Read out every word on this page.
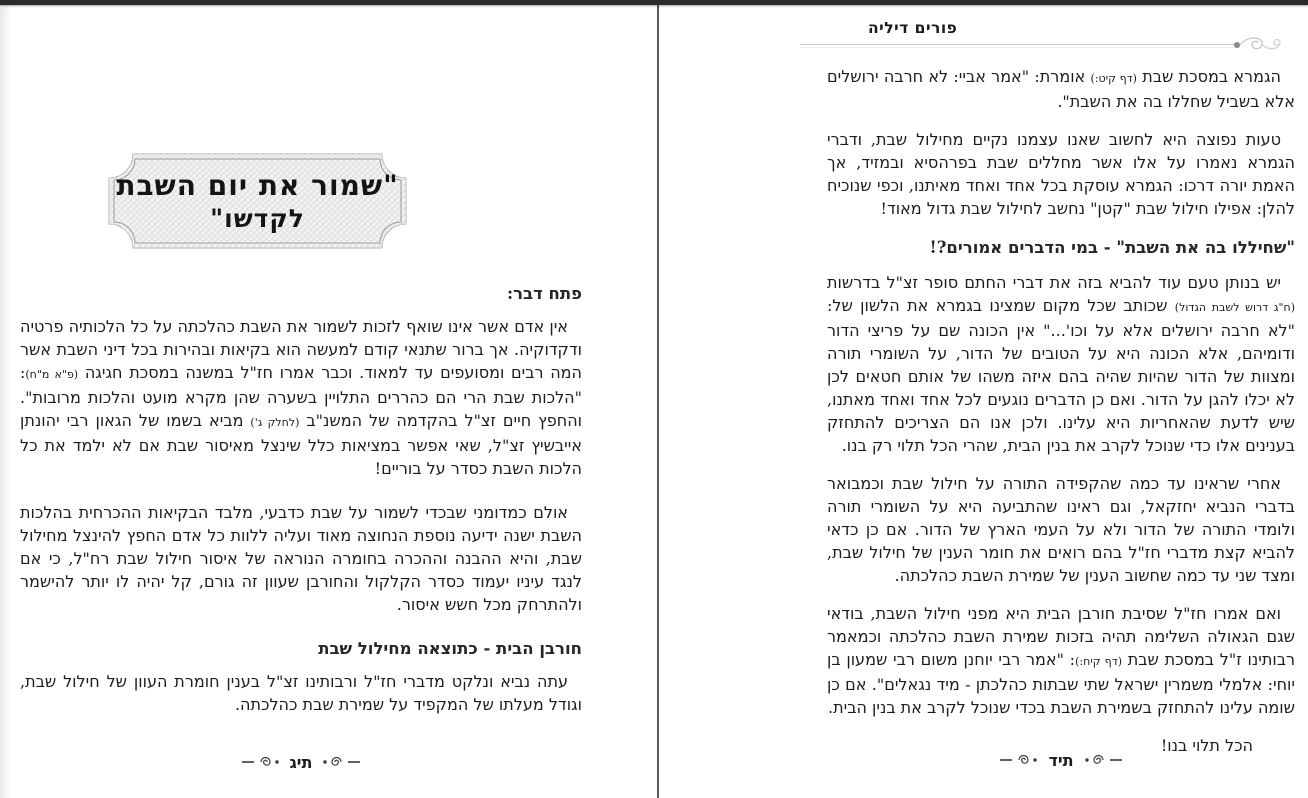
"שמור את יום השבת
לקדשו"
פתח דבר:

אין אדם אשר אינו שואף לזכות לשמור את השבת כהלכתה על כל הלכותיה פרטיה ודקדוקיה. אך ברור שתנאי קודם למעשה הוא בקיאות ובהירות בכל דיני השבת אשר המה רבים ומסועפים עד למאוד. וכבר אמרו חז"ל במשנה במסכת חגיגה (פ"א מ"ח): "הלכות שבת הרי הם כהררים התלויין בשערה שהן מקרא מועט והלכות מרובות". והחפץ חיים זצ"ל בהקדמה של המשנ"ב (לחלק ג') מביא בשמו של הגאון רבי יהונתן אייבשיץ זצ"ל, שאי אפשר במציאות כלל שינצל מאיסור שבת אם לא ילמד את כל הלכות השבת כסדר על בוריים!

אולם כמדומני שבכדי לשמור על שבת כדבעי, מלבד הבקיאות ההכרחית בהלכות השבת ישנה ידיעה נוספת הנחוצה מאוד ועליה ללוות כל אדם החפץ להינצל מחילול שבת, והיא ההבנה וההכרה בחומרה הנוראה של איסור חילול שבת רח"ל, כי אם לנגד עיניו יעמוד כסדר הקלקול והחורבן שעוון זה גורם, קל יהיה לו יותר להישמר ולהתרחק מכל חשש איסור.

חורבן הבית - כתוצאה מחילול שבת

עתה נביא ונלקט מדברי חז"ל ורבותינו זצ"ל בענין חומרת העוון של חילול שבת, וגודל מעלתו של המקפיד על שמירת שבת כהלכתה.

תיג
פורים דיליה

הגמרא במסכת שבת (דף קיט:) אומרת: "אמר אביי: לא חרבה ירושלים אלא בשביל שחללו בה את השבת".

טעות נפוצה היא לחשוב שאנו עצמנו נקיים מחילול שבת, ודברי הגמרא נאמרו על אלו אשר מחללים שבת בפרהסיא ובמזיד, אך האמת יורה דרכו: הגמרא עוסקת בכל אחד ואחד מאיתנו, וכפי שנוכיח להלן: אפילו חילול שבת "קטן" נחשב לחילול שבת גדול מאוד!

"שחיללו בה את השבת" - במי הדברים אמורים?!

יש בנותן טעם עוד להביא בזה את דברי החתם סופר זצ"ל בדרשות (ח"ג דרוש לשבת הגדול) שכותב שכל מקום שמצינו בגמרא את הלשון של: "לא חרבה ירושלים אלא על וכו'..." אין הכונה שם על פריצי הדור ודומיהם, אלא הכונה היא על הטובים של הדור, על השומרי תורה ומצוות של הדור שהיות שהיה בהם איזה משהו של אותם חטאים לכן לא יכלו להגן על הדור. ואם כן הדברים נוגעים לכל אחד ואחד מאתנו, שיש לדעת שהאחריות היא עלינו. ולכן אנו הם הצריכים להתחזק בענינים אלו כדי שנוכל לקרב את בנין הבית, שהרי הכל תלוי רק בנו.

אחרי שראינו עד כמה שהקפידה התורה על חילול שבת וכמבואר בדברי הנביא יחזקאל, וגם ראינו שהתביעה היא על השומרי תורה ולומדי התורה של הדור ולא על העמי הארץ של הדור. אם כן כדאי להביא קצת מדברי חז"ל בהם רואים את חומר הענין של חילול שבת, ומצד שני עד כמה שחשוב הענין של שמירת השבת כהלכתה.

ואם אמרו חז"ל שסיבת חורבן הבית היא מפני חילול השבת, בודאי שגם הגאולה השלימה תהיה בזכות שמירת השבת כהלכתה וכמאמר רבותינו ז"ל במסכת שבת (דף קיח:): "אמר רבי יוחנן משום רבי שמעון בן יוחי: אלמלי משמרין ישראל שתי שבתות כהלכתן - מיד נגאלים". אם כן שומה עלינו להתחזק בשמירת השבת בכדי שנוכל לקרב את בנין הבית.

הכל תלוי בנו!

תיד
